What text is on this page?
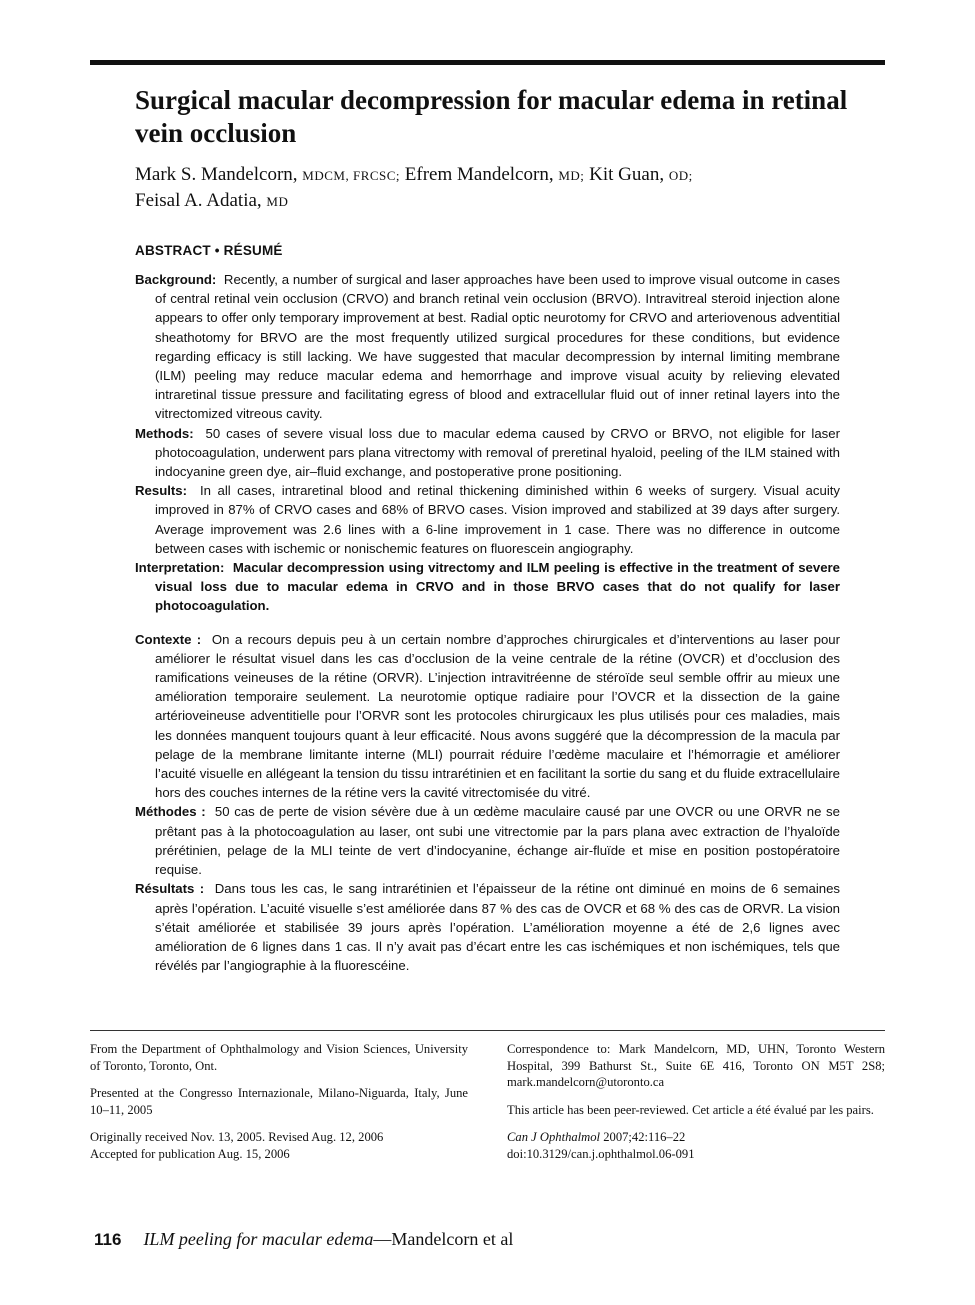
Surgical macular decompression for macular edema in retinal vein occlusion
Mark S. Mandelcorn, MDCM, FRCSC; Efrem Mandelcorn, MD; Kit Guan, OD;
Feisal A. Adatia, MD
ABSTRACT • RÉSUMÉ

Background: Recently, a number of surgical and laser approaches have been used to improve visual outcome in cases of central retinal vein occlusion (CRVO) and branch retinal vein occlusion (BRVO). Intravitreal steroid injection alone appears to offer only temporary improvement at best. Radial optic neurotomy for CRVO and arteriovenous adventitial sheathotomy for BRVO are the most frequently utilized surgical procedures for these conditions, but evidence regarding efficacy is still lacking. We have suggested that macular decompression by internal limiting membrane (ILM) peeling may reduce macular edema and hemorrhage and improve visual acuity by relieving elevated intraretinal tissue pressure and facilitating egress of blood and extracellular fluid out of inner retinal layers into the vitrectomized vitreous cavity.

Methods: 50 cases of severe visual loss due to macular edema caused by CRVO or BRVO, not eligible for laser photocoagulation, underwent pars plana vitrectomy with removal of preretinal hyaloid, peeling of the ILM stained with indocyanine green dye, air–fluid exchange, and postoperative prone positioning.

Results: In all cases, intraretinal blood and retinal thickening diminished within 6 weeks of surgery. Visual acuity improved in 87% of CRVO cases and 68% of BRVO cases. Vision improved and stabilized at 39 days after surgery. Average improvement was 2.6 lines with a 6-line improvement in 1 case. There was no difference in outcome between cases with ischemic or nonischemic features on fluorescein angiography.

Interpretation: Macular decompression using vitrectomy and ILM peeling is effective in the treatment of severe visual loss due to macular edema in CRVO and in those BRVO cases that do not qualify for laser photocoagulation.

Contexte : On a recours depuis peu à un certain nombre d’approches chirurgicales et d’interventions au laser pour améliorer le résultat visuel dans les cas d’occlusion de la veine centrale de la rétine (OVCR) et d’occlusion des ramifications veineuses de la rétine (ORVR). L’injection intravitréenne de stéroïde seul semble offrir au mieux une amélioration temporaire seulement. La neurotomie optique radiaire pour l’OVCR et la dissection de la gaine artérioveineuse adventitielle pour l’ORVR sont les protocoles chirurgicaux les plus utilisés pour ces maladies, mais les données manquent toujours quant à leur efficacité. Nous avons suggéré que la décompression de la macula par pelage de la membrane limitante interne (MLI) pourrait réduire l’œdème maculaire et l’hémorragie et améliorer l’acuité visuelle en allégeant la tension du tissu intrarétinien et en facilitant la sortie du sang et du fluide extracellulaire hors des couches internes de la rétine vers la cavité vitrectomisée du vitré.

Méthodes : 50 cas de perte de vision sévère due à un œdème maculaire causé par une OVCR ou une ORVR ne se prêtant pas à la photocoagulation au laser, ont subi une vitrectomie par la pars plana avec extraction de l’hyaloïde prérétinien, pelage de la MLI teinte de vert d’indocyanine, échange air-fluïde et mise en position postopératoire requise.

Résultats : Dans tous les cas, le sang intrarétinien et l’épaisseur de la rétine ont diminué en moins de 6 semaines après l’opération. L’acuité visuelle s’est améliorée dans 87 % des cas de OVCR et 68 % des cas de ORVR. La vision s’était améliorée et stabilisée 39 jours après l’opération. L’amélioration moyenne a été de 2,6 lignes avec amélioration de 6 lignes dans 1 cas. Il n’y avait pas d’écart entre les cas ischémiques et non ischémiques, tels que révélés par l’angiographie à la fluorescéine.

From the Department of Ophthalmology and Vision Sciences, University of Toronto, Toronto, Ont.

Presented at the Congresso Internazionale, Milano-Niguarda, Italy, June 10–11, 2005

Originally received Nov. 13, 2005. Revised Aug. 12, 2006

Accepted for publication Aug. 15, 2006

Correspondence to: Mark Mandelcorn, MD, UHN, Toronto Western Hospital, 399 Bathurst St., Suite 6E 416, Toronto ON M5T 2S8; mark.mandelcorn@utoronto.ca

This article has been peer-reviewed. Cet article a été évalué par les pairs.

Can J Ophthalmol 2007;42:116–22
doi:10.3129/can.j.ophthalmol.06-091

116 ILM peeling for macular edema—Mandelcorn et al
